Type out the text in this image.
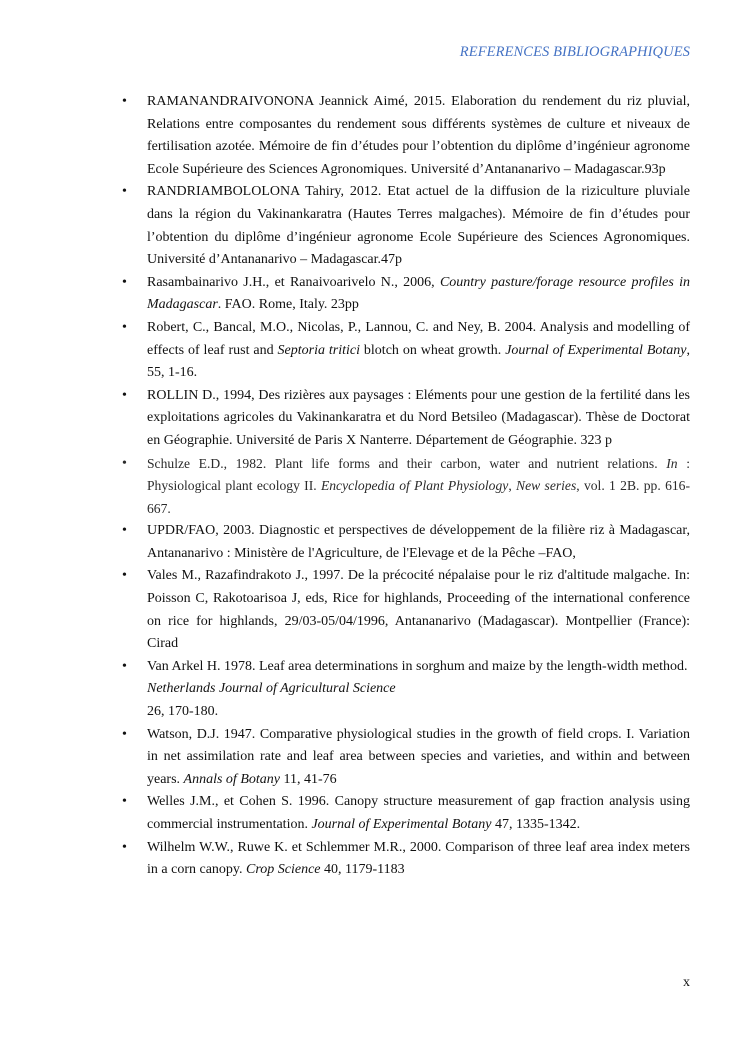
REFERENCES BIBLIOGRAPHIQUES
• RAMANANDRAIVONONA Jeannick Aimé, 2015. Elaboration du rendement du riz pluvial, Relations entre composantes du rendement sous différents systèmes de culture et niveaux de fertilisation azotée. Mémoire de fin d’études pour l’obtention du diplôme d’ingénieur agronome Ecole Supérieure des Sciences Agronomiques. Université d’Antananarivo – Madagascar.93p
• RANDRIAMBOLOLONA Tahiry, 2012. Etat actuel de la diffusion de la riziculture pluviale dans la région du Vakinankaratra (Hautes Terres malgaches). Mémoire de fin d’études pour l’obtention du diplôme d’ingénieur agronome Ecole Supérieure des Sciences Agronomiques. Université d’Antananarivo – Madagascar.47p
• Rasambainarivo J.H., et Ranaivoarivelo N., 2006, Country pasture/forage resource profiles in Madagascar. FAO. Rome, Italy. 23pp
• Robert, C., Bancal, M.O., Nicolas, P., Lannou, C. and Ney, B. 2004. Analysis and modelling of effects of leaf rust and Septoria tritici blotch on wheat growth. Journal of Experimental Botany, 55, 1-16.
• ROLLIN D., 1994, Des rizières aux paysages : Eléments pour une gestion de la fertilité dans les exploitations agricoles du Vakinankaratra et du Nord Betsileo (Madagascar). Thèse de Doctorat en Géographie. Université de Paris X Nanterre. Département de Géographie. 323 p
• Schulze E.D., 1982. Plant life forms and their carbon, water and nutrient relations. In : Physiological plant ecology II. Encyclopedia of Plant Physiology, New series, vol. 1 2B. pp. 616-667.
• UPDR/FAO, 2003. Diagnostic et perspectives de développement de la filière riz à Madagascar, Antananarivo : Ministère de l'Agriculture, de l'Elevage et de la Pêche –FAO,
• Vales M., Razafindrakoto J., 1997. De la précocité népalaise pour le riz d'altitude malgache. In: Poisson C, Rakotoarisoa J, eds, Rice for highlands, Proceeding of the international conference on rice for highlands, 29/03-05/04/1996, Antananarivo (Madagascar). Montpellier (France): Cirad
• Van Arkel H. 1978. Leaf area determinations in sorghum and maize by the length-width method.
Netherlands Journal of Agricultural Science
26, 170-180.
• Watson, D.J. 1947. Comparative physiological studies in the growth of field crops. I. Variation in net assimilation rate and leaf area between species and varieties, and within and between years. Annals of Botany 11, 41-76
• Welles J.M., et Cohen S. 1996. Canopy structure measurement of gap fraction analysis using commercial instrumentation. Journal of Experimental Botany 47, 1335-1342.
• Wilhelm W.W., Ruwe K. et Schlemmer M.R., 2000. Comparison of three leaf area index meters in a corn canopy. Crop Science 40, 1179-1183
x
